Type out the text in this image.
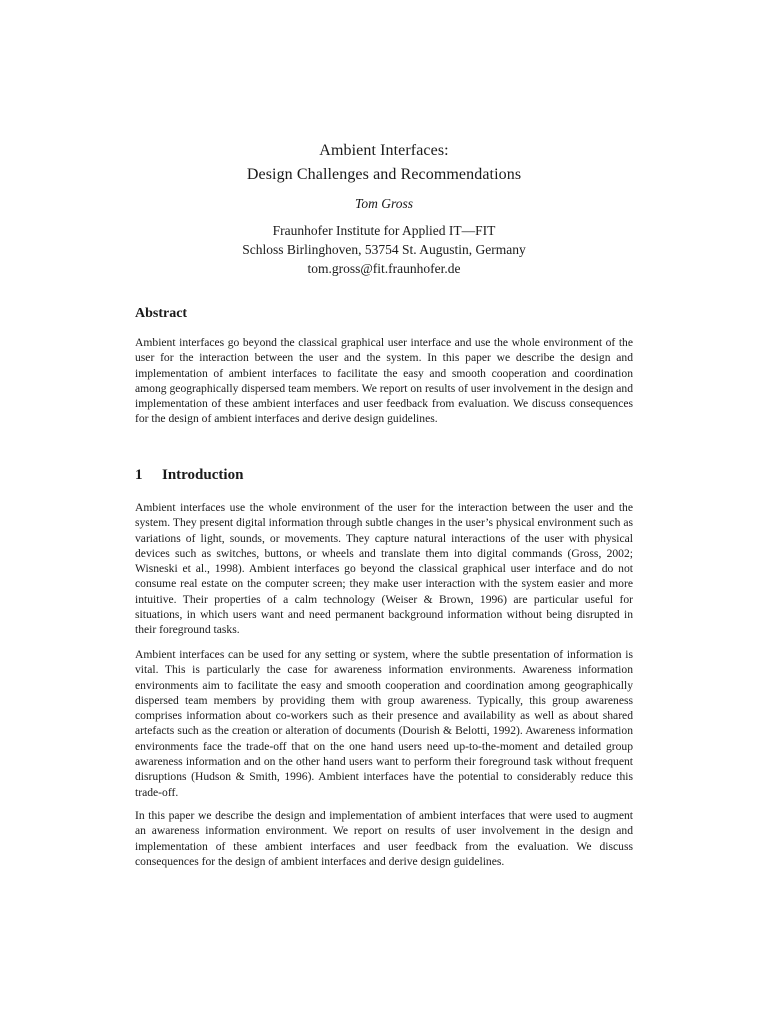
Ambient Interfaces:
Design Challenges and Recommendations
Tom Gross
Fraunhofer Institute for Applied IT—FIT
Schloss Birlinghoven, 53754 St. Augustin, Germany
tom.gross@fit.fraunhofer.de
Abstract

Ambient interfaces go beyond the classical graphical user interface and use the whole environment of the user for the interaction between the user and the system. In this paper we describe the design and implementation of ambient interfaces to facilitate the easy and smooth cooperation and coordination among geographically dispersed team members. We report on results of user involvement in the design and implementation of these ambient interfaces and user feedback from evaluation. We discuss consequences for the design of ambient interfaces and derive design guidelines.

1 Introduction

Ambient interfaces use the whole environment of the user for the interaction between the user and the system. They present digital information through subtle changes in the user’s physical environment such as variations of light, sounds, or movements. They capture natural interactions of the user with physical devices such as switches, buttons, or wheels and translate them into digital commands (Gross, 2002; Wisneski et al., 1998). Ambient interfaces go beyond the classical graphical user interface and do not consume real estate on the computer screen; they make user interaction with the system easier and more intuitive. Their properties of a calm technology (Weiser & Brown, 1996) are particular useful for situations, in which users want and need permanent background information without being disrupted in their foreground tasks.

Ambient interfaces can be used for any setting or system, where the subtle presentation of information is vital. This is particularly the case for awareness information environments. Awareness information environments aim to facilitate the easy and smooth cooperation and coordination among geographically dispersed team members by providing them with group awareness. Typically, this group awareness comprises information about co-workers such as their presence and availability as well as about shared artefacts such as the creation or alteration of documents (Dourish & Belotti, 1992). Awareness information environments face the trade-off that on the one hand users need up-to-the-moment and detailed group awareness information and on the other hand users want to perform their foreground task without frequent disruptions (Hudson & Smith, 1996). Ambient interfaces have the potential to considerably reduce this trade-off.

In this paper we describe the design and implementation of ambient interfaces that were used to augment an awareness information environment. We report on results of user involvement in the design and implementation of these ambient interfaces and user feedback from the evaluation. We discuss consequences for the design of ambient interfaces and derive design guidelines.
